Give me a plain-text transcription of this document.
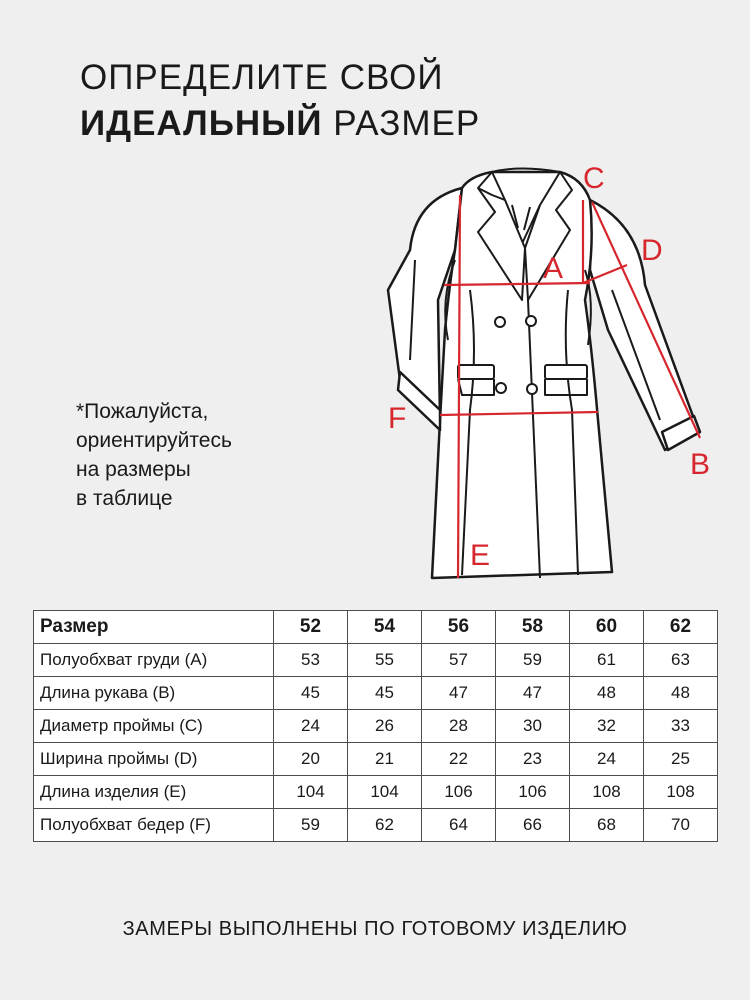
ОПРЕДЕЛИТЕ СВОЙ
ИДЕАЛЬНЫЙ РАЗМЕР
*Пожалуйста,
ориентируйтесь
на размеры
в таблице
A
B
C
D
E
F
Размер	52	54	56	58	60	62
Полуобхват груди (A)	53	55	57	59	61	63
Длина рукава (B)	45	45	47	47	48	48
Диаметр проймы (C)	24	26	28	30	32	33
Ширина проймы (D)	20	21	22	23	24	25
Длина изделия (E)	104	104	106	106	108	108
Полуобхват бедер (F)	59	62	64	66	68	70
ЗАМЕРЫ ВЫПОЛНЕНЫ ПО ГОТОВОМУ ИЗДЕЛИЮ
